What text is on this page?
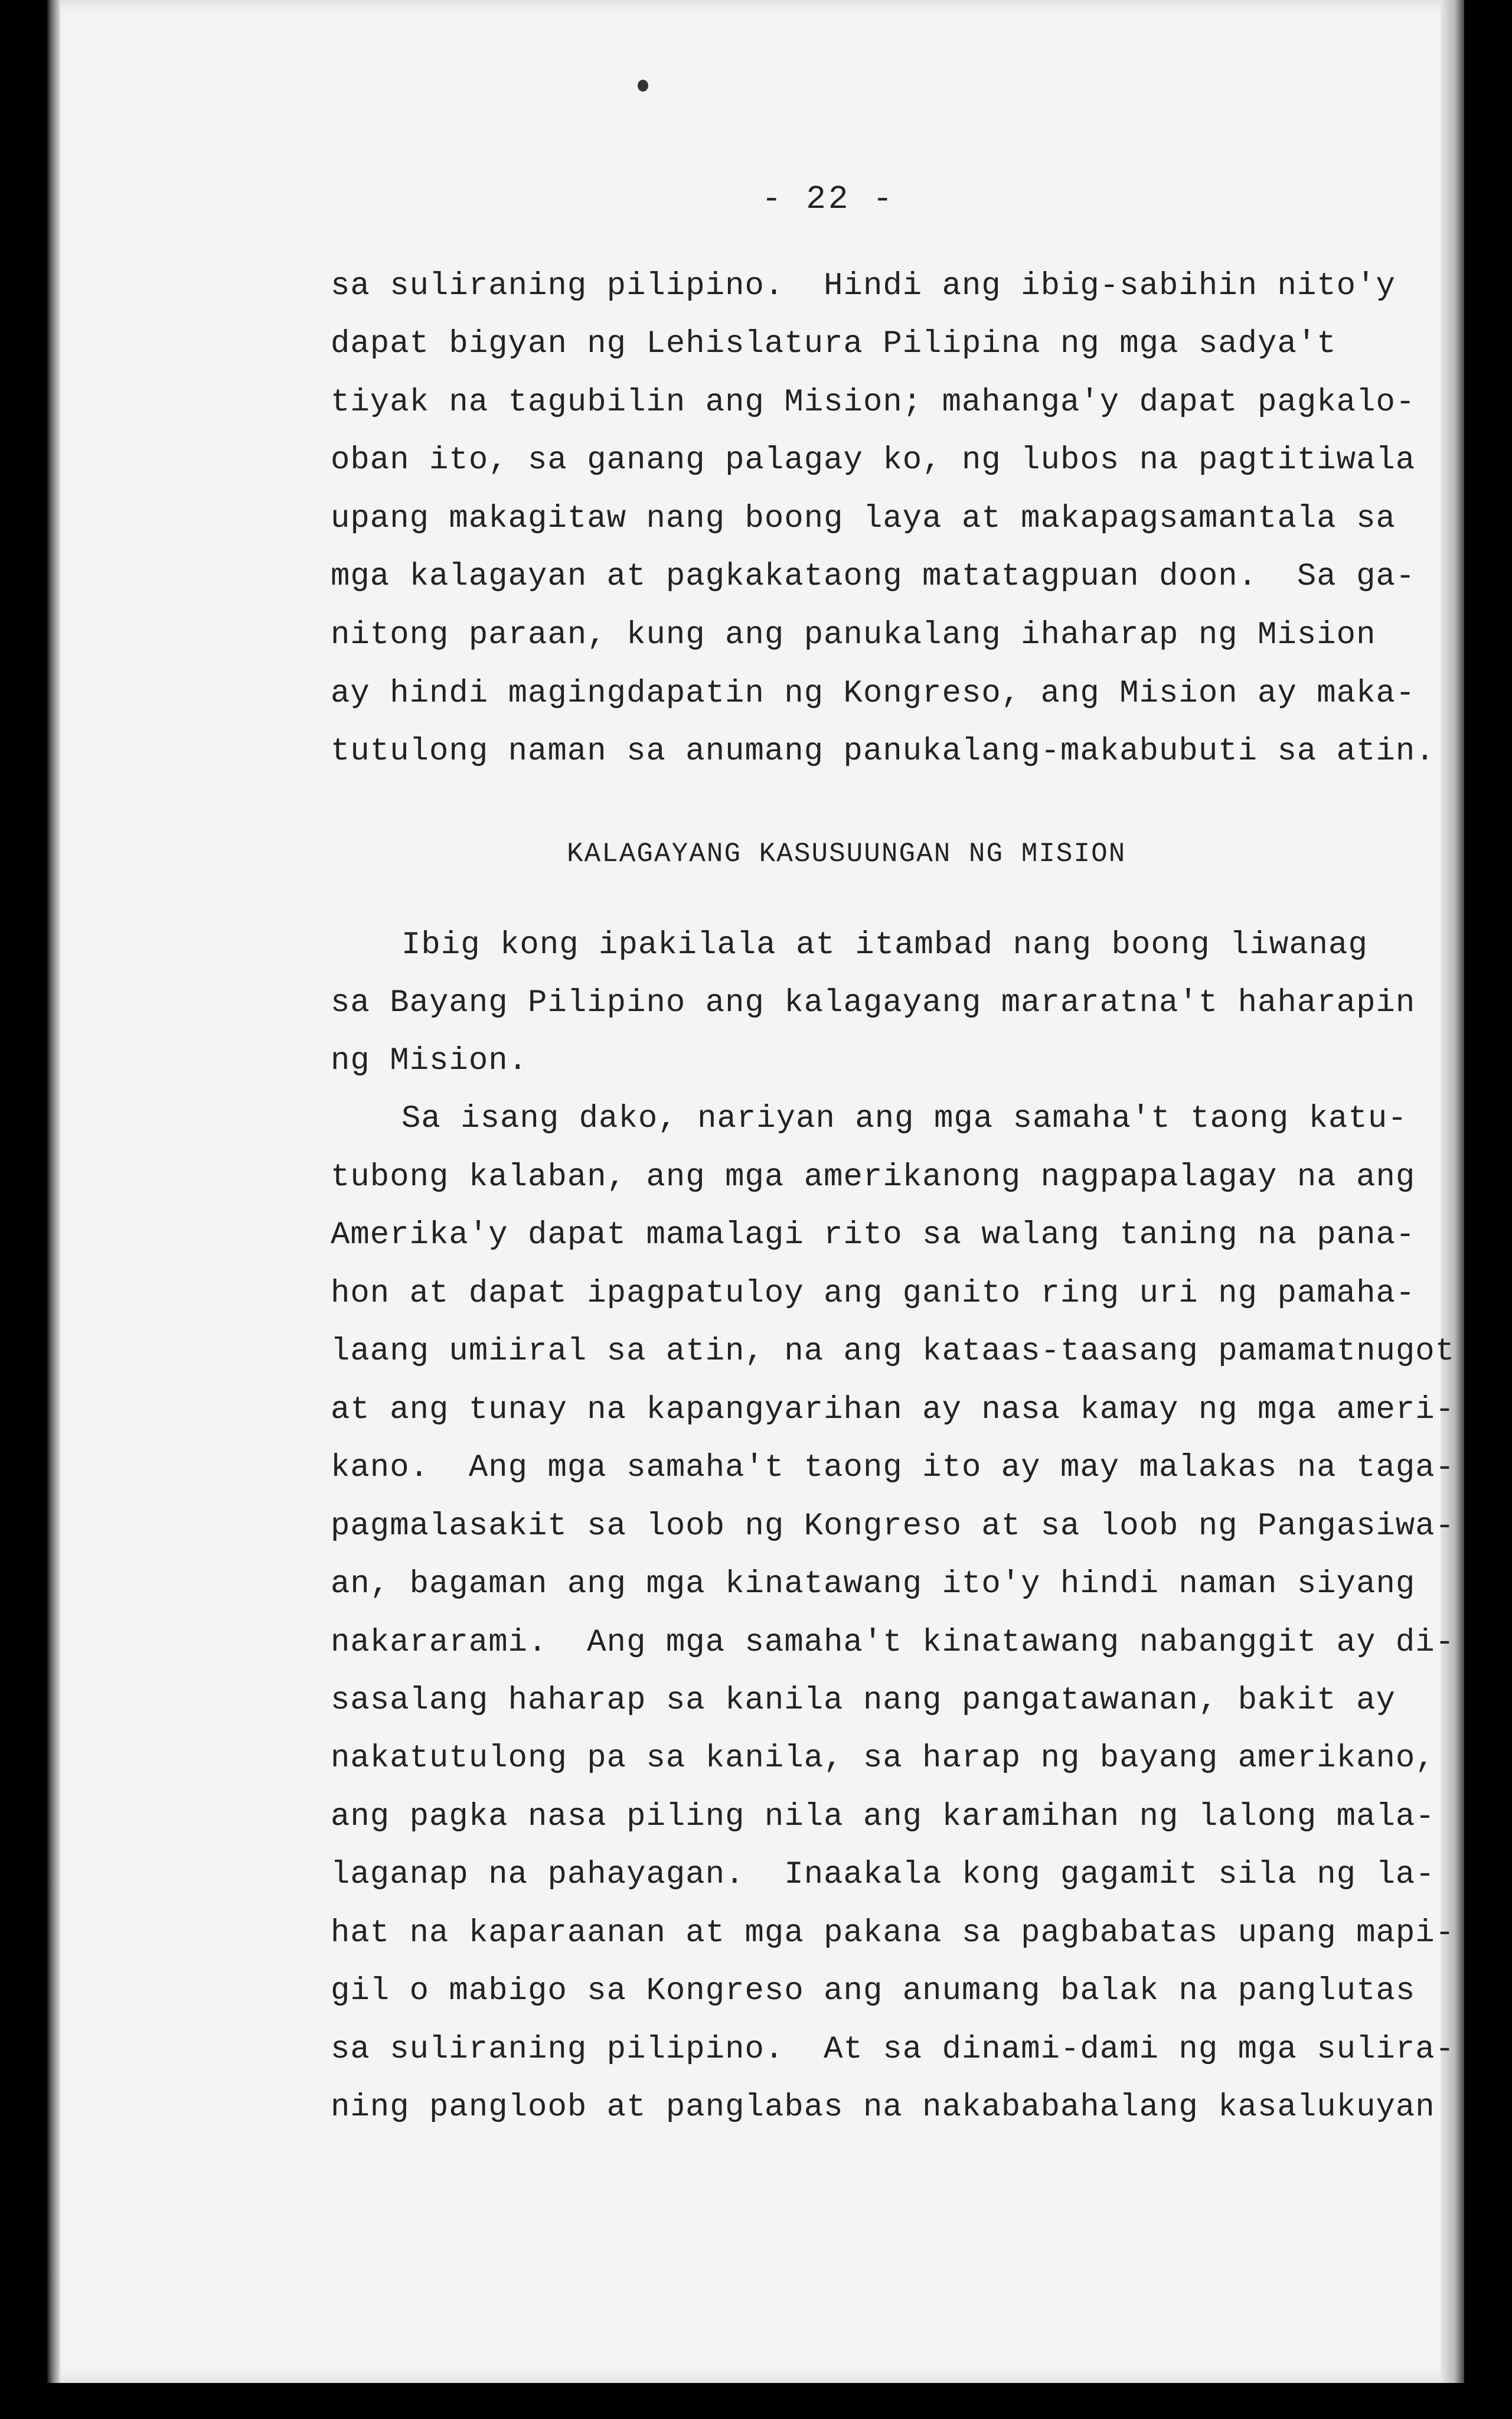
- 22 -
sa suliraning pilipino.  Hindi ang ibig-sabihin nito'y
dapat bigyan ng Lehislatura Pilipina ng mga sadya't
tiyak na tagubilin ang Mision; mahanga'y dapat pagkalo-
oban ito, sa ganang palagay ko, ng lubos na pagtitiwala
upang makagitaw nang boong laya at makapagsamantala sa
mga kalagayan at pagkakataong matatagpuan doon.  Sa ga-
nitong paraan, kung ang panukalang ihaharap ng Mision
ay hindi magingdapatin ng Kongreso, ang Mision ay maka-
tutulong naman sa anumang panukalang-makabubuti sa atin.
KALAGAYANG KASUSUUNGAN NG MISION
Ibig kong ipakilala at itambad nang boong liwanag
sa Bayang Pilipino ang kalagayang mararatna't haharapin
ng Mision.
Sa isang dako, nariyan ang mga samaha't taong katu-
tubong kalaban, ang mga amerikanong nagpapalagay na ang
Amerika'y dapat mamalagi rito sa walang taning na pana-
hon at dapat ipagpatuloy ang ganito ring uri ng pamaha-
laang umiiral sa atin, na ang kataas-taasang pamamatnugot
at ang tunay na kapangyarihan ay nasa kamay ng mga ameri-
kano.  Ang mga samaha't taong ito ay may malakas na taga-
pagmalasakit sa loob ng Kongreso at sa loob ng Pangasiwa-
an, bagaman ang mga kinatawang ito'y hindi naman siyang
nakararami.  Ang mga samaha't kinatawang nabanggit ay di-
sasalang haharap sa kanila nang pangatawanan, bakit ay
nakatutulong pa sa kanila, sa harap ng bayang amerikano,
ang pagka nasa piling nila ang karamihan ng lalong mala-
laganap na pahayagan.  Inaakala kong gagamit sila ng la-
hat na kaparaanan at mga pakana sa pagbabatas upang mapi-
gil o mabigo sa Kongreso ang anumang balak na panglutas
sa suliraning pilipino.  At sa dinami-dami ng mga sulira-
ning pangloob at panglabas na nakababahalang kasalukuyan
